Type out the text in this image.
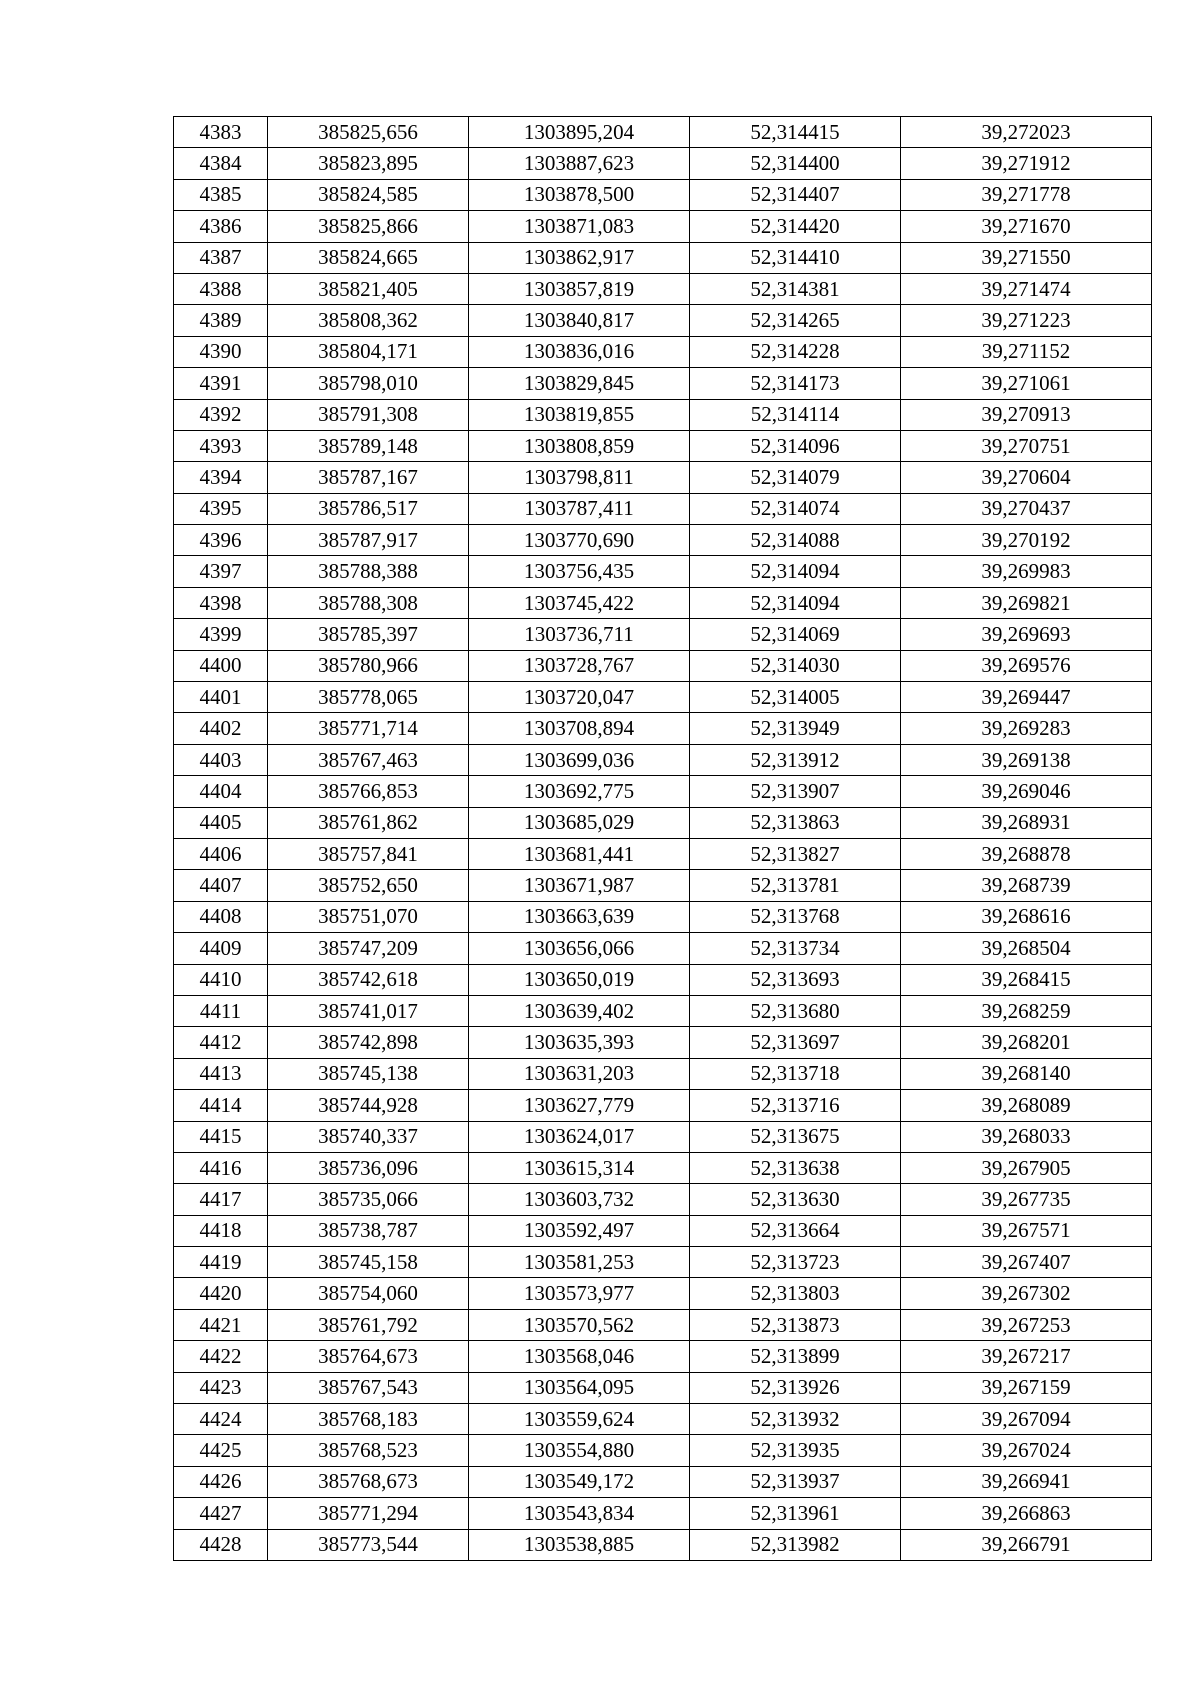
4383	385825,656	1303895,204	52,314415	39,272023
4384	385823,895	1303887,623	52,314400	39,271912
4385	385824,585	1303878,500	52,314407	39,271778
4386	385825,866	1303871,083	52,314420	39,271670
4387	385824,665	1303862,917	52,314410	39,271550
4388	385821,405	1303857,819	52,314381	39,271474
4389	385808,362	1303840,817	52,314265	39,271223
4390	385804,171	1303836,016	52,314228	39,271152
4391	385798,010	1303829,845	52,314173	39,271061
4392	385791,308	1303819,855	52,314114	39,270913
4393	385789,148	1303808,859	52,314096	39,270751
4394	385787,167	1303798,811	52,314079	39,270604
4395	385786,517	1303787,411	52,314074	39,270437
4396	385787,917	1303770,690	52,314088	39,270192
4397	385788,388	1303756,435	52,314094	39,269983
4398	385788,308	1303745,422	52,314094	39,269821
4399	385785,397	1303736,711	52,314069	39,269693
4400	385780,966	1303728,767	52,314030	39,269576
4401	385778,065	1303720,047	52,314005	39,269447
4402	385771,714	1303708,894	52,313949	39,269283
4403	385767,463	1303699,036	52,313912	39,269138
4404	385766,853	1303692,775	52,313907	39,269046
4405	385761,862	1303685,029	52,313863	39,268931
4406	385757,841	1303681,441	52,313827	39,268878
4407	385752,650	1303671,987	52,313781	39,268739
4408	385751,070	1303663,639	52,313768	39,268616
4409	385747,209	1303656,066	52,313734	39,268504
4410	385742,618	1303650,019	52,313693	39,268415
4411	385741,017	1303639,402	52,313680	39,268259
4412	385742,898	1303635,393	52,313697	39,268201
4413	385745,138	1303631,203	52,313718	39,268140
4414	385744,928	1303627,779	52,313716	39,268089
4415	385740,337	1303624,017	52,313675	39,268033
4416	385736,096	1303615,314	52,313638	39,267905
4417	385735,066	1303603,732	52,313630	39,267735
4418	385738,787	1303592,497	52,313664	39,267571
4419	385745,158	1303581,253	52,313723	39,267407
4420	385754,060	1303573,977	52,313803	39,267302
4421	385761,792	1303570,562	52,313873	39,267253
4422	385764,673	1303568,046	52,313899	39,267217
4423	385767,543	1303564,095	52,313926	39,267159
4424	385768,183	1303559,624	52,313932	39,267094
4425	385768,523	1303554,880	52,313935	39,267024
4426	385768,673	1303549,172	52,313937	39,266941
4427	385771,294	1303543,834	52,313961	39,266863
4428	385773,544	1303538,885	52,313982	39,266791
